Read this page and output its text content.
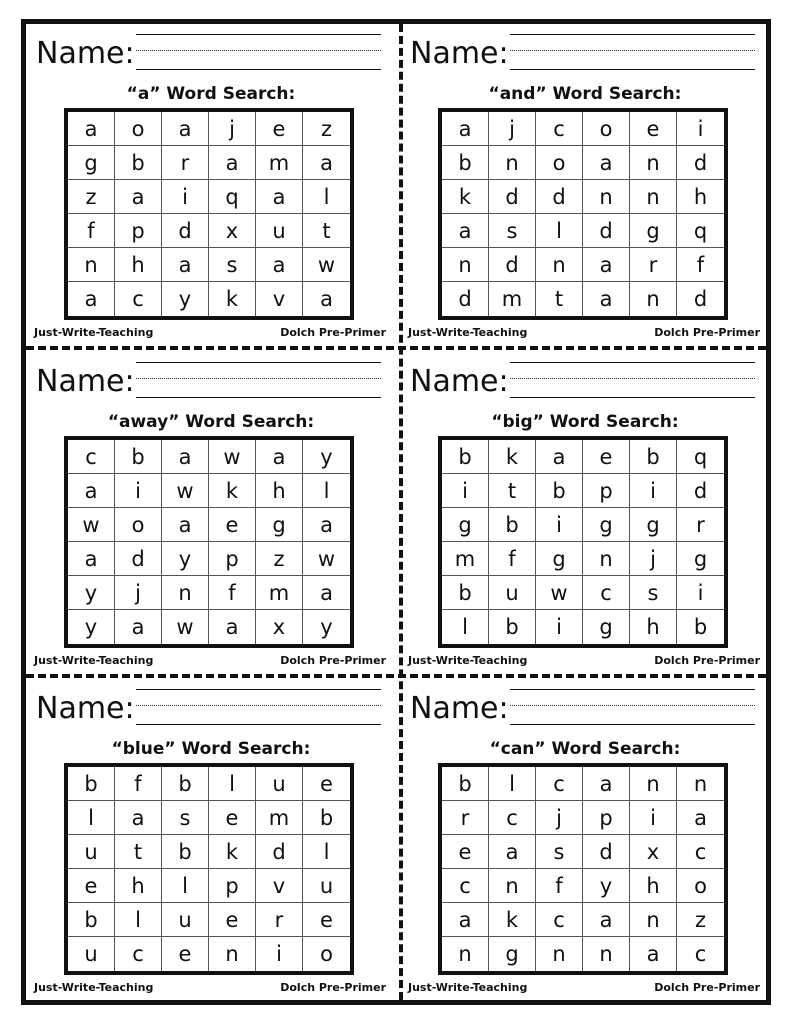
Name:
“a” Word Search:
a	o	a	j	e	z
g	b	r	a	m	a
z	a	i	q	a	l
f	p	d	x	u	t
n	h	a	s	a	w
a	c	y	k	v	a
Just-Write-Teaching	Dolch Pre-Primer
Name:
“and” Word Search:
a	j	c	o	e	i
b	n	o	a	n	d
k	d	d	n	n	h
a	s	l	d	g	q
n	d	n	a	r	f
d	m	t	a	n	d
Just-Write-Teaching	Dolch Pre-Primer
Name:
“away” Word Search:
c	b	a	w	a	y
a	i	w	k	h	l
w	o	a	e	g	a
a	d	y	p	z	w
y	j	n	f	m	a
y	a	w	a	x	y
Just-Write-Teaching	Dolch Pre-Primer
Name:
“big” Word Search:
b	k	a	e	b	q
i	t	b	p	i	d
g	b	i	g	g	r
m	f	g	n	j	g
b	u	w	c	s	i
l	b	i	g	h	b
Just-Write-Teaching	Dolch Pre-Primer
Name:
“blue” Word Search:
b	f	b	l	u	e
l	a	s	e	m	b
u	t	b	k	d	l
e	h	l	p	v	u
b	l	u	e	r	e
u	c	e	n	i	o
Just-Write-Teaching	Dolch Pre-Primer
Name:
“can” Word Search:
b	l	c	a	n	n
r	c	j	p	i	a
e	a	s	d	x	c
c	n	f	y	h	o
a	k	c	a	n	z
n	g	n	n	a	c
Just-Write-Teaching	Dolch Pre-Primer
